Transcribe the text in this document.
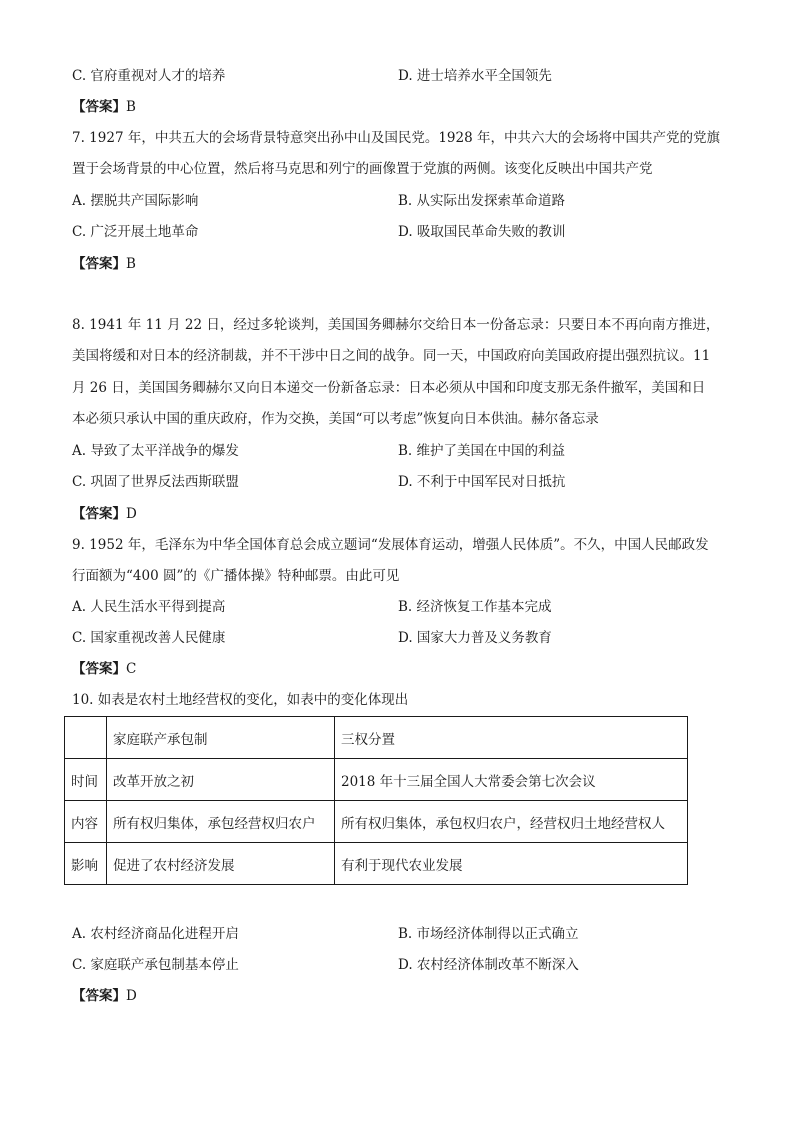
C. 官府重视对人才的培养	D. 进士培养水平全国领先
【答案】B
7. 1927 年，中共五大的会场背景特意突出孙中山及国民党。1928 年，中共六大的会场将中国共产党的党旗
置于会场背景的中心位置，然后将马克思和列宁的画像置于党旗的两侧。该变化反映出中国共产党
A. 摆脱共产国际影响	B. 从实际出发探索革命道路
C. 广泛开展土地革命	D. 吸取国民革命失败的教训
【答案】B
8. 1941 年 11 月 22 日，经过多轮谈判，美国国务卿赫尔交给日本一份备忘录：只要日本不再向南方推进，
美国将缓和对日本的经济制裁，并不干涉中日之间的战争。同一天，中国政府向美国政府提出强烈抗议。11
月 26 日，美国国务卿赫尔又向日本递交一份新备忘录：日本必须从中国和印度支那无条件撤军，美国和日
本必须只承认中国的重庆政府，作为交换，美国“可以考虑”恢复向日本供油。赫尔备忘录
A. 导致了太平洋战争的爆发	B. 维护了美国在中国的利益
C. 巩固了世界反法西斯联盟	D. 不利于中国军民对日抵抗
【答案】D
9. 1952 年，毛泽东为中华全国体育总会成立题词“发展体育运动，增强人民体质”。不久，中国人民邮政发
行面额为“400 圆”的《广播体操》特种邮票。由此可见
A. 人民生活水平得到提高	B. 经济恢复工作基本完成
C. 国家重视改善人民健康	D. 国家大力普及义务教育
【答案】C
10. 如表是农村土地经营权的变化，如表中的变化体现出
	家庭联产承包制	三权分置
时间	改革开放之初	2018 年十三届全国人大常委会第七次会议
内容	所有权归集体，承包经营权归农户	所有权归集体，承包权归农户，经营权归土地经营权人
影响	促进了农村经济发展	有利于现代农业发展
A. 农村经济商品化进程开启	B. 市场经济体制得以正式确立
C. 家庭联产承包制基本停止	D. 农村经济体制改革不断深入
【答案】D
